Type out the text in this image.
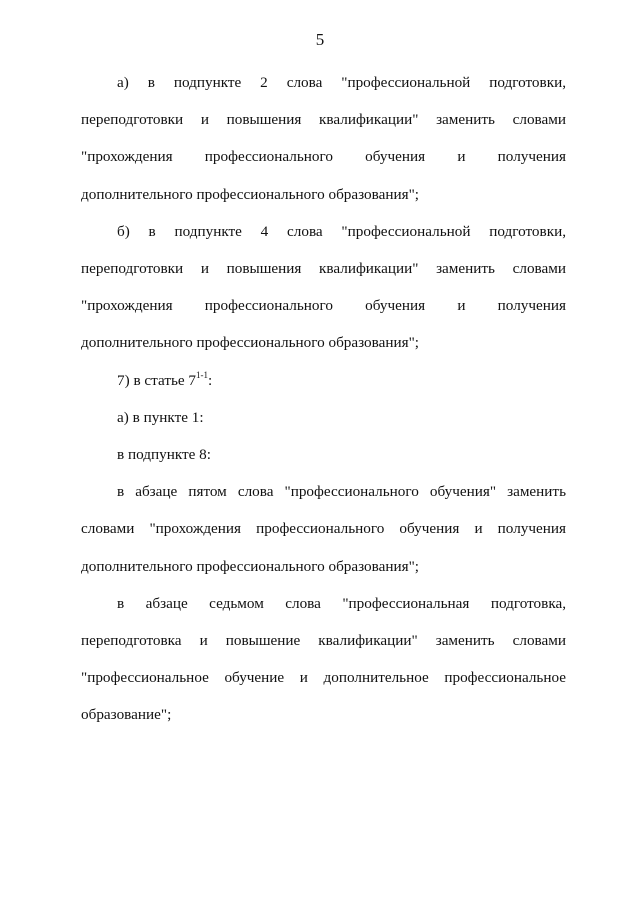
5

а) в подпункте 2 слова "профессиональной подготовки, переподготовки и повышения квалификации" заменить словами "прохождения профессионального обучения и получения дополнительного профессионального образования";

б) в подпункте 4 слова "профессиональной подготовки, переподготовки и повышения квалификации" заменить словами "прохождения профессионального обучения и получения дополнительного профессионального образования";

7) в статье 7$^{1-1}$:

а) в пункте 1:

в подпункте 8:

в абзаце пятом слова "профессионального обучения" заменить словами "прохождения профессионального обучения и получения дополнительного профессионального образования";

в абзаце седьмом слова "профессиональная подготовка, переподготовка и повышение квалификации" заменить словами "профессиональное обучение и дополнительное профессиональное образование";
